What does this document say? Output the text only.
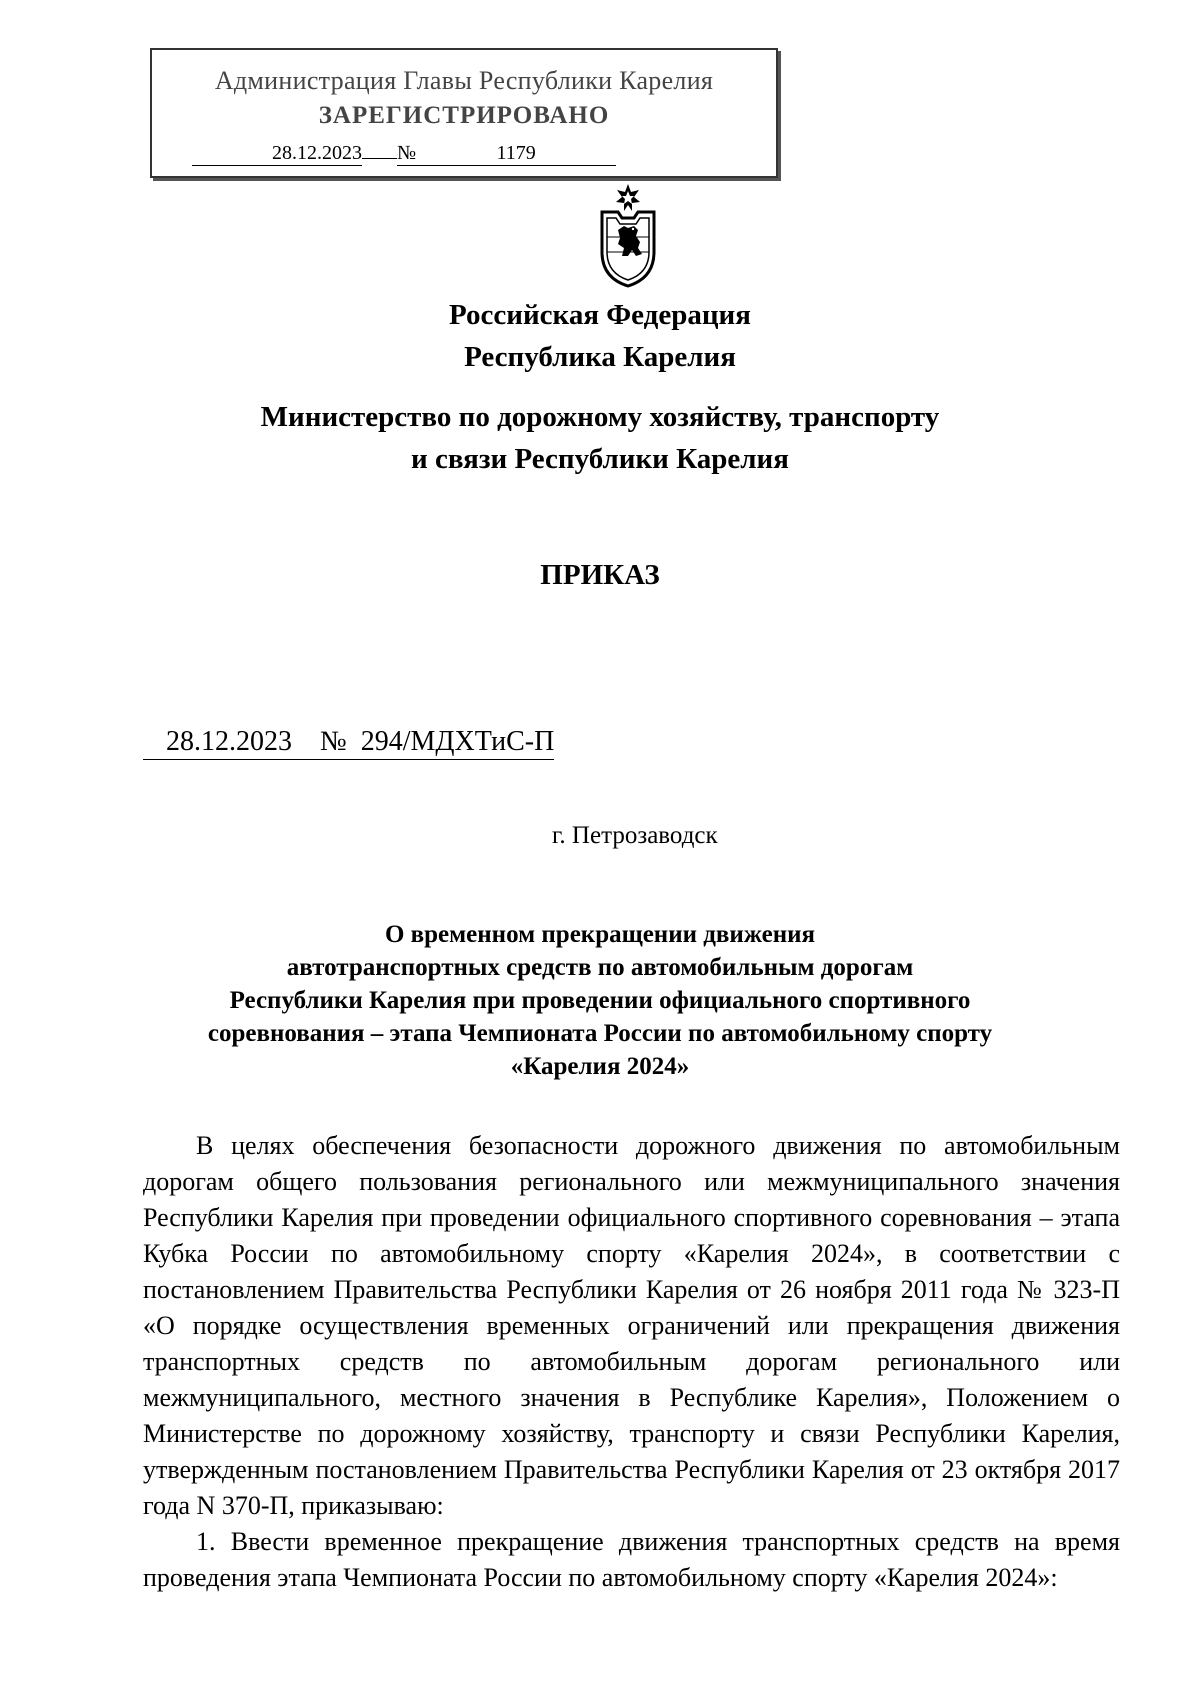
Администрация Главы Республики Карелия
ЗАРЕГИСТРИРОВАНО
28.12.2023 №	1179
Российская Федерация
Республика Карелия
Министерство по дорожному хозяйству, транспорту
и связи Республики Карелия
ПРИКАЗ
28.12.2023 № 294/МДХТиС-П
г. Петрозаводск
О временном прекращении движения
автотранспортных средств по автомобильным дорогам
Республики Карелия при проведении официального спортивного
соревнования – этапа Чемпионата России по автомобильному спорту
«Карелия 2024»

В целях обеспечения безопасности дорожного движения по автомобильным дорогам общего пользования регионального или межмуниципального значения Республики Карелия при проведении официального спортивного соревнования – этапа Кубка России по автомобильному спорту «Карелия 2024», в соответствии с постановлением Правительства Республики Карелия от 26 ноября 2011 года № 323-П «О порядке осуществления временных ограничений или прекращения движения транспортных средств по автомобильным дорогам регионального или межмуниципального, местного значения в Республике Карелия», Положением о Министерстве по дорожному хозяйству, транспорту и связи Республики Карелия, утвержденным постановлением Правительства Республики Карелия от 23 октября 2017 года N 370-П, приказываю:

1. Ввести временное прекращение движения транспортных средств на время проведения этапа Чемпионата России по автомобильному спорту «Карелия 2024»:
